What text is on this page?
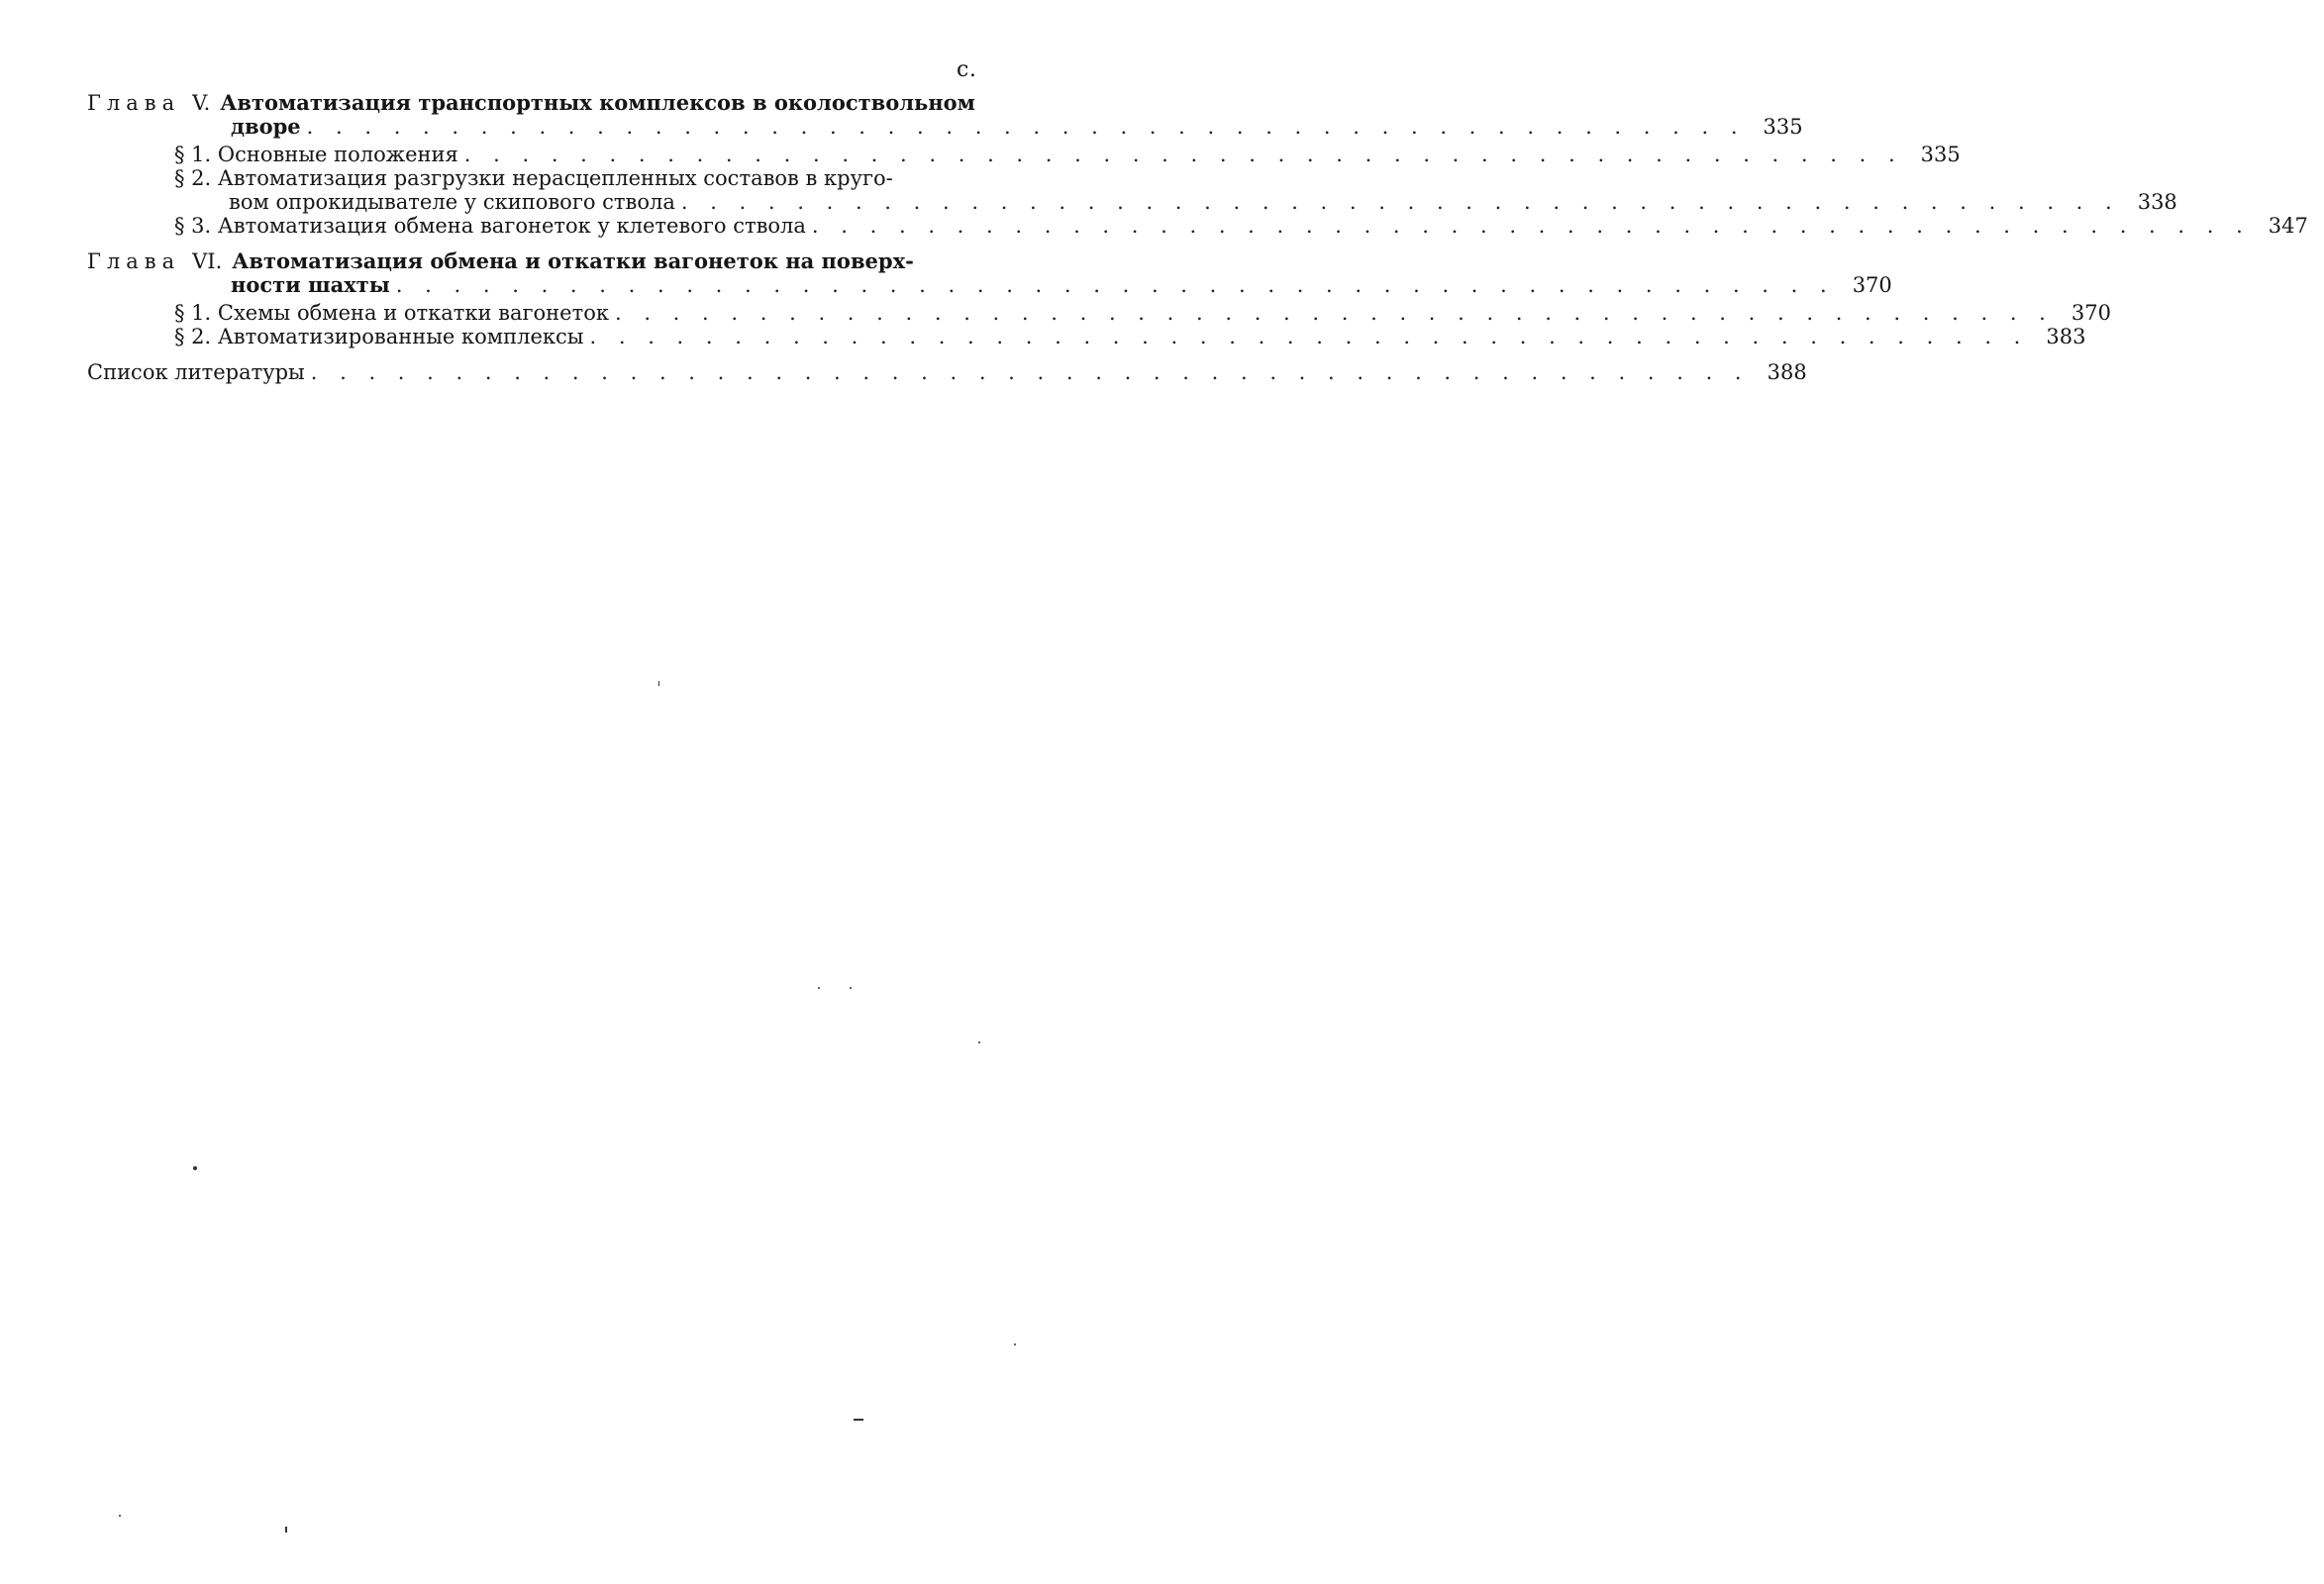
с.
Глава V. Автоматизация транспортных комплексов в околоствольном
дворе . . . . . . . . . . . . . . . . . . . . . . . . . . . . . . . . . . . . . . . . . . . . . . . . . . 335
§ 1. Основные положения . . . . . . . . . . . . . . . . . . . . . . . . . . . . . . . . . . . . . . . . . . . . . . . . . . 335
§ 2. Автоматизация разгрузки нерасцепленных составов в круго-
вом опрокидывателе у скипового ствола . . . . . . . . . . . . . . . . . . . . . . . . . . . . . . . . . . . . . . . . . . . . . . . . . . 338
§ 3. Автоматизация обмена вагонеток у клетевого ствола . . . . . . . . . . . . . . . . . . . . . . . . . . . . . . . . . . . . . . . . . . . . . . . . . . 347
Глава VI. Автоматизация обмена и откатки вагонеток на поверх-
ности шахты . . . . . . . . . . . . . . . . . . . . . . . . . . . . . . . . . . . . . . . . . . . . . . . . . . 370
§ 1. Схемы обмена и откатки вагонеток . . . . . . . . . . . . . . . . . . . . . . . . . . . . . . . . . . . . . . . . . . . . . . . . . . 370
§ 2. Автоматизированные комплексы . . . . . . . . . . . . . . . . . . . . . . . . . . . . . . . . . . . . . . . . . . . . . . . . . . 383
Список литературы . . . . . . . . . . . . . . . . . . . . . . . . . . . . . . . . . . . . . . . . . . . . . . . . . . 388
